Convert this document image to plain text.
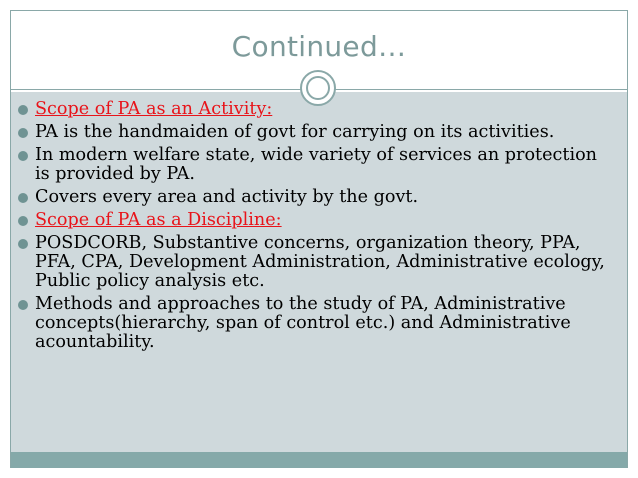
Continued…
Scope of PA as an Activity:
PA is the handmaiden of govt for carrying on its activities.
In modern welfare state, wide variety of services an protection is provided by PA.
Covers every area and activity by the govt.
Scope of PA as a Discipline:
POSDCORB, Substantive concerns, organization theory, PPA, PFA, CPA, Development Administration, Administrative ecology, Public policy analysis etc.
Methods and approaches to the study of PA, Administrative concepts(hierarchy, span of control etc.) and Administrative acountability.
